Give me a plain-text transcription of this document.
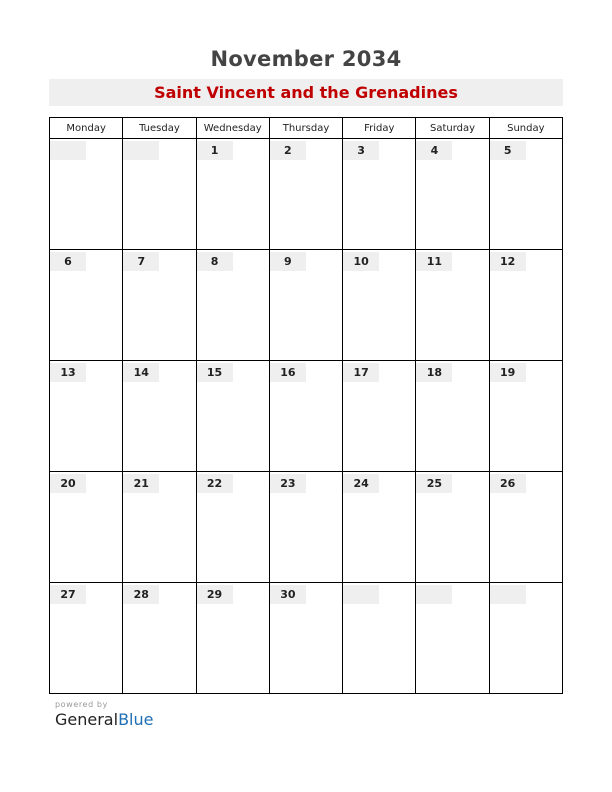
November 2034
Saint Vincent and the Grenadines
Monday	Tuesday	Wednesday	Thursday	Friday	Saturday	Sunday

		1	2	3	4	5

6	7	8	9	10	11	12

13	14	15	16	17	18	19

20	21	22	23	24	25	26

27	28	29	30			

powered by
GeneralBlue
